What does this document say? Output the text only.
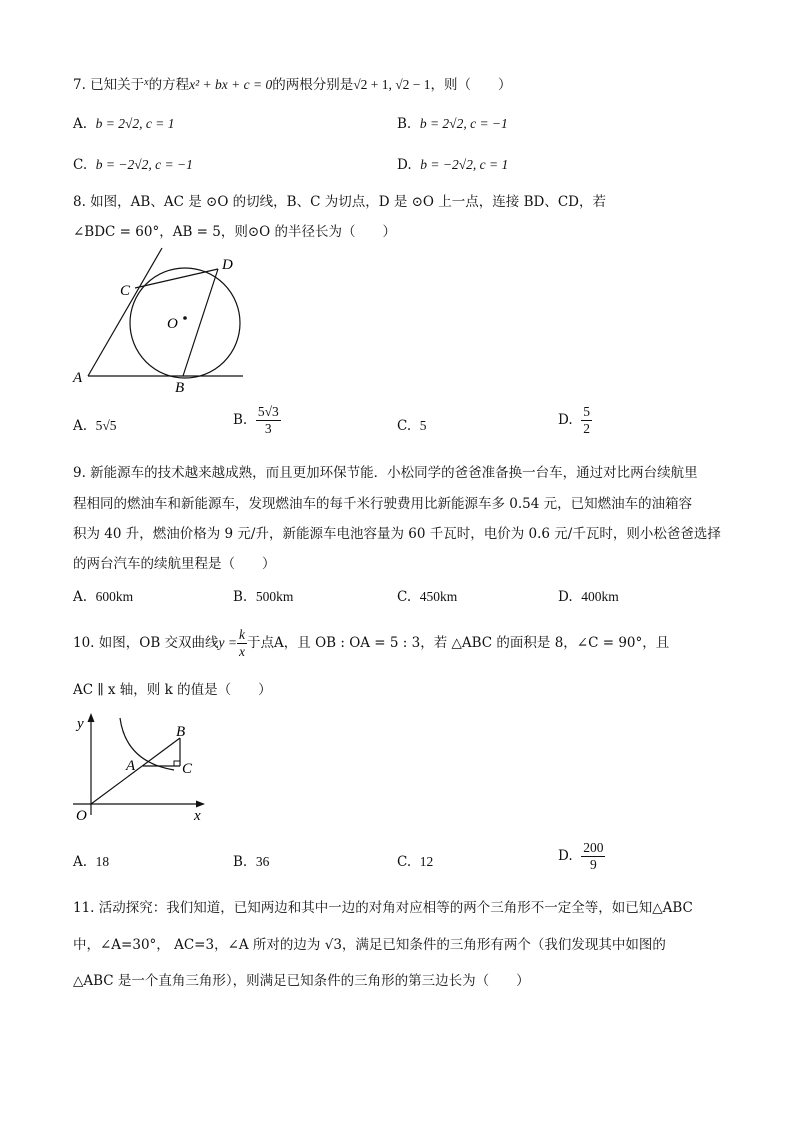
7. 已知关于$^x$的方程x² + bx + c = 0的两根分别是√2 + 1, √2 − 1，则（　　）
A. b = 2√2, c = 1	B. b = 2√2, c = −1
C. b = −2√2, c = −1	D. b = −2√2, c = 1
8. 如图，AB、AC 是 ⊙O 的切线，B、C 为切点，D 是 ⊙O 上一点，连接 BD、CD，若
∠BDC = 60°，AB = 5，则⊙O 的半径长为（　　）
A
B
C
D
O
A. 5√5	B. $\frac{5√3}{3}$	C. 5	D. $\frac{5}{2}$
9. 新能源车的技术越来越成熟，而且更加环保节能．小松同学的爸爸准备换一台车，通过对比两台续航里
程相同的燃油车和新能源车，发现燃油车的每千米行驶费用比新能源车多 0.54 元，已知燃油车的油箱容
积为 40 升，燃油价格为 9 元/升，新能源车电池容量为 60 千瓦时，电价为 0.6 元/千瓦时，则小松爸爸选择
的两台汽车的续航里程是（　　）
A. 600km	B. 500km	C. 450km	D. 400km
10. 如图，OB 交双曲线$y = \frac{k}{x}$ 于点A，且 OB : OA = 5 : 3，若 △ABC 的面积是 8，∠C = 90°，且
AC ∥ x 轴，则 k 的值是（　　）
y
x
O
A
B
C
A. 18	B. 36	C. 12	D. $\frac{200}{9}$
11. 活动探究：我们知道，已知两边和其中一边的对角对应相等的两个三角形不一定全等，如已知△ABC
中，∠A=30°， AC=3，∠A 所对的边为 √3，满足已知条件的三角形有两个（我们发现其中如图的
△ABC 是一个直角三角形），则满足已知条件的三角形的第三边长为（　　）
